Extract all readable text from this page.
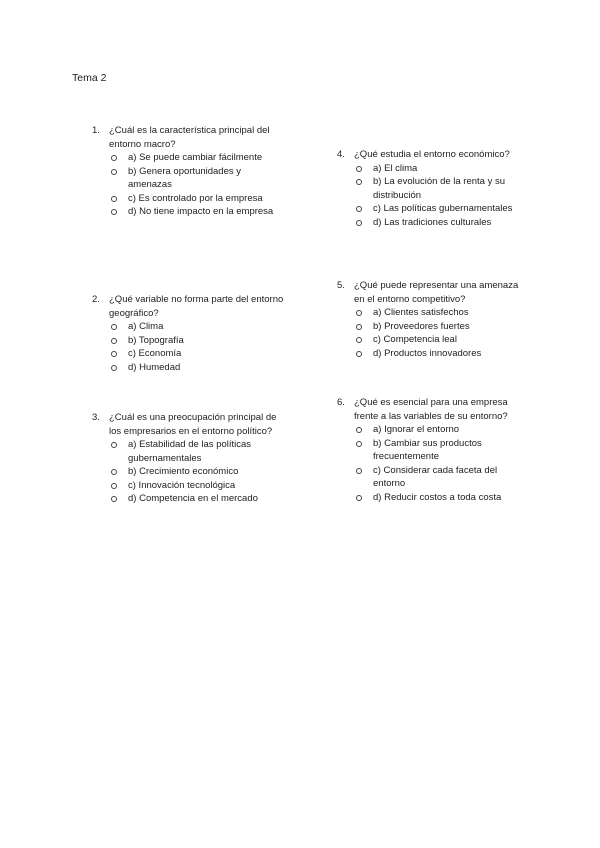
Tema 2
1. ¿Cuál es la característica principal del entorno macro?
a) Se puede cambiar fácilmente
b) Genera oportunidades y amenazas
c) Es controlado por la empresa
d) No tiene impacto en la empresa
2. ¿Qué variable no forma parte del entorno geográfico?
a) Clima
b) Topografía
c) Economía
d) Humedad
3. ¿Cuál es una preocupación principal de los empresarios en el entorno político?
a) Estabilidad de las políticas gubernamentales
b) Crecimiento económico
c) Innovación tecnológica
d) Competencia en el mercado
4. ¿Qué estudia el entorno económico?
a) El clima
b) La evolución de la renta y su distribución
c) Las políticas gubernamentales
d) Las tradiciones culturales
5. ¿Qué puede representar una amenaza en el entorno competitivo?
a) Clientes satisfechos
b) Proveedores fuertes
c) Competencia leal
d) Productos innovadores
6. ¿Qué es esencial para una empresa frente a las variables de su entorno?
a) Ignorar el entorno
b) Cambiar sus productos frecuentemente
c) Considerar cada faceta del entorno
d) Reducir costos a toda costa
